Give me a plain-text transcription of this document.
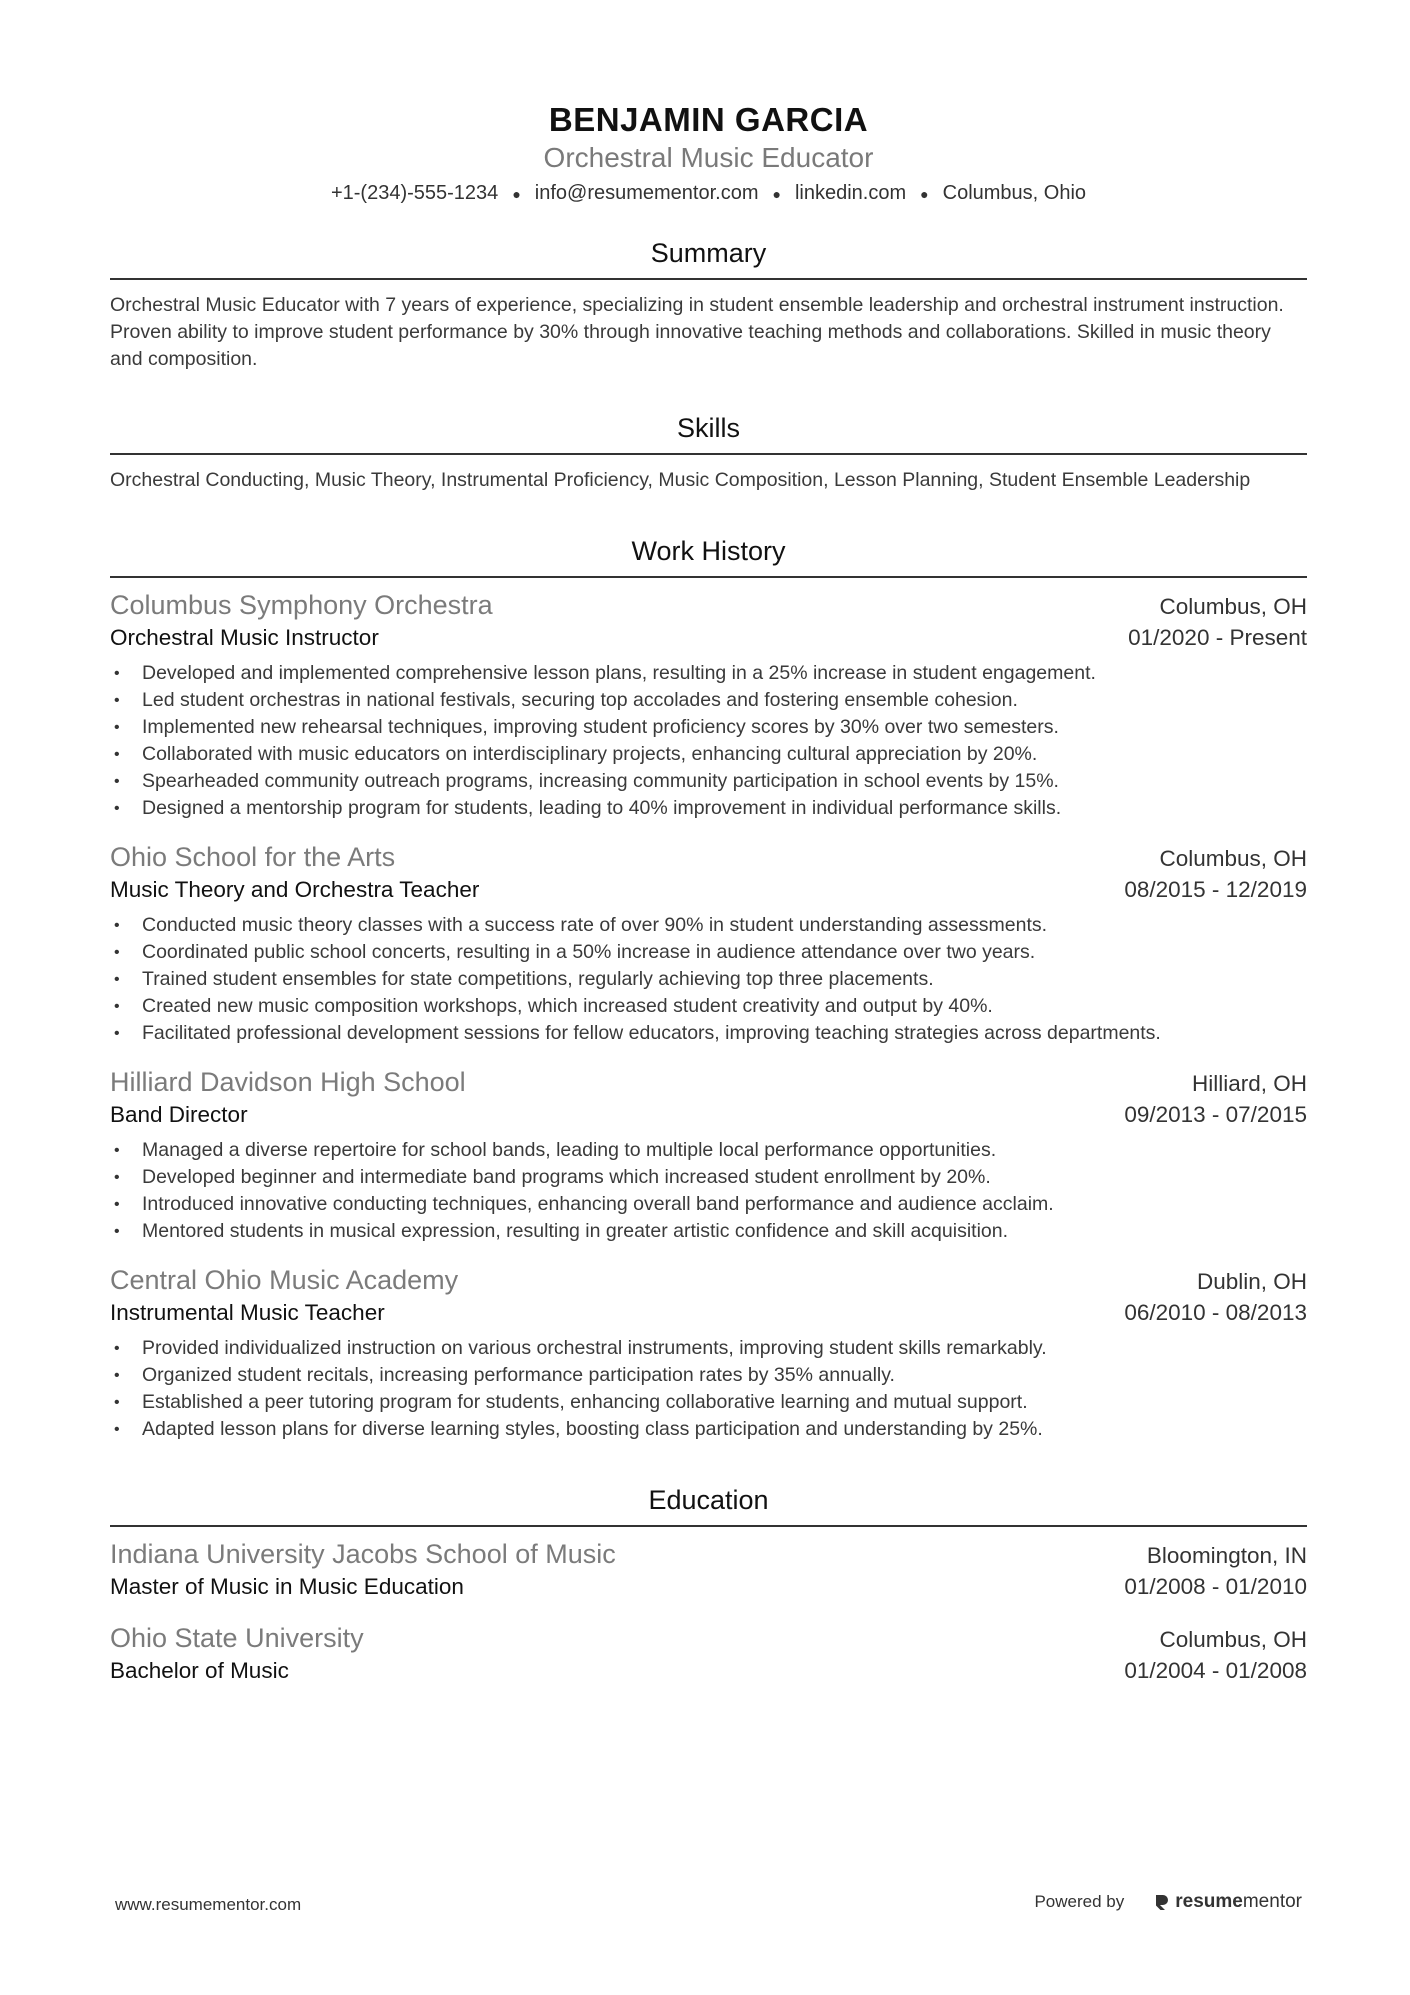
BENJAMIN GARCIA
Orchestral Music Educator
+1-(234)-555-1234 ● info@resumementor.com ● linkedin.com ● Columbus, Ohio
Summary
Orchestral Music Educator with 7 years of experience, specializing in student ensemble leadership and orchestral instrument instruction. Proven ability to improve student performance by 30% through innovative teaching methods and collaborations. Skilled in music theory and composition.
Skills
Orchestral Conducting, Music Theory, Instrumental Proficiency, Music Composition, Lesson Planning, Student Ensemble Leadership
Work History
Columbus Symphony Orchestra	Columbus, OH
Orchestral Music Instructor	01/2020 - Present
• Developed and implemented comprehensive lesson plans, resulting in a 25% increase in student engagement.
• Led student orchestras in national festivals, securing top accolades and fostering ensemble cohesion.
• Implemented new rehearsal techniques, improving student proficiency scores by 30% over two semesters.
• Collaborated with music educators on interdisciplinary projects, enhancing cultural appreciation by 20%.
• Spearheaded community outreach programs, increasing community participation in school events by 15%.
• Designed a mentorship program for students, leading to 40% improvement in individual performance skills.
Ohio School for the Arts	Columbus, OH
Music Theory and Orchestra Teacher	08/2015 - 12/2019
• Conducted music theory classes with a success rate of over 90% in student understanding assessments.
• Coordinated public school concerts, resulting in a 50% increase in audience attendance over two years.
• Trained student ensembles for state competitions, regularly achieving top three placements.
• Created new music composition workshops, which increased student creativity and output by 40%.
• Facilitated professional development sessions for fellow educators, improving teaching strategies across departments.
Hilliard Davidson High School	Hilliard, OH
Band Director	09/2013 - 07/2015
• Managed a diverse repertoire for school bands, leading to multiple local performance opportunities.
• Developed beginner and intermediate band programs which increased student enrollment by 20%.
• Introduced innovative conducting techniques, enhancing overall band performance and audience acclaim.
• Mentored students in musical expression, resulting in greater artistic confidence and skill acquisition.
Central Ohio Music Academy	Dublin, OH
Instrumental Music Teacher	06/2010 - 08/2013
• Provided individualized instruction on various orchestral instruments, improving student skills remarkably.
• Organized student recitals, increasing performance participation rates by 35% annually.
• Established a peer tutoring program for students, enhancing collaborative learning and mutual support.
• Adapted lesson plans for diverse learning styles, boosting class participation and understanding by 25%.
Education
Indiana University Jacobs School of Music	Bloomington, IN
Master of Music in Music Education	01/2008 - 01/2010
Ohio State University	Columbus, OH
Bachelor of Music	01/2004 - 01/2008
www.resumementor.com	Powered by	resumementor
